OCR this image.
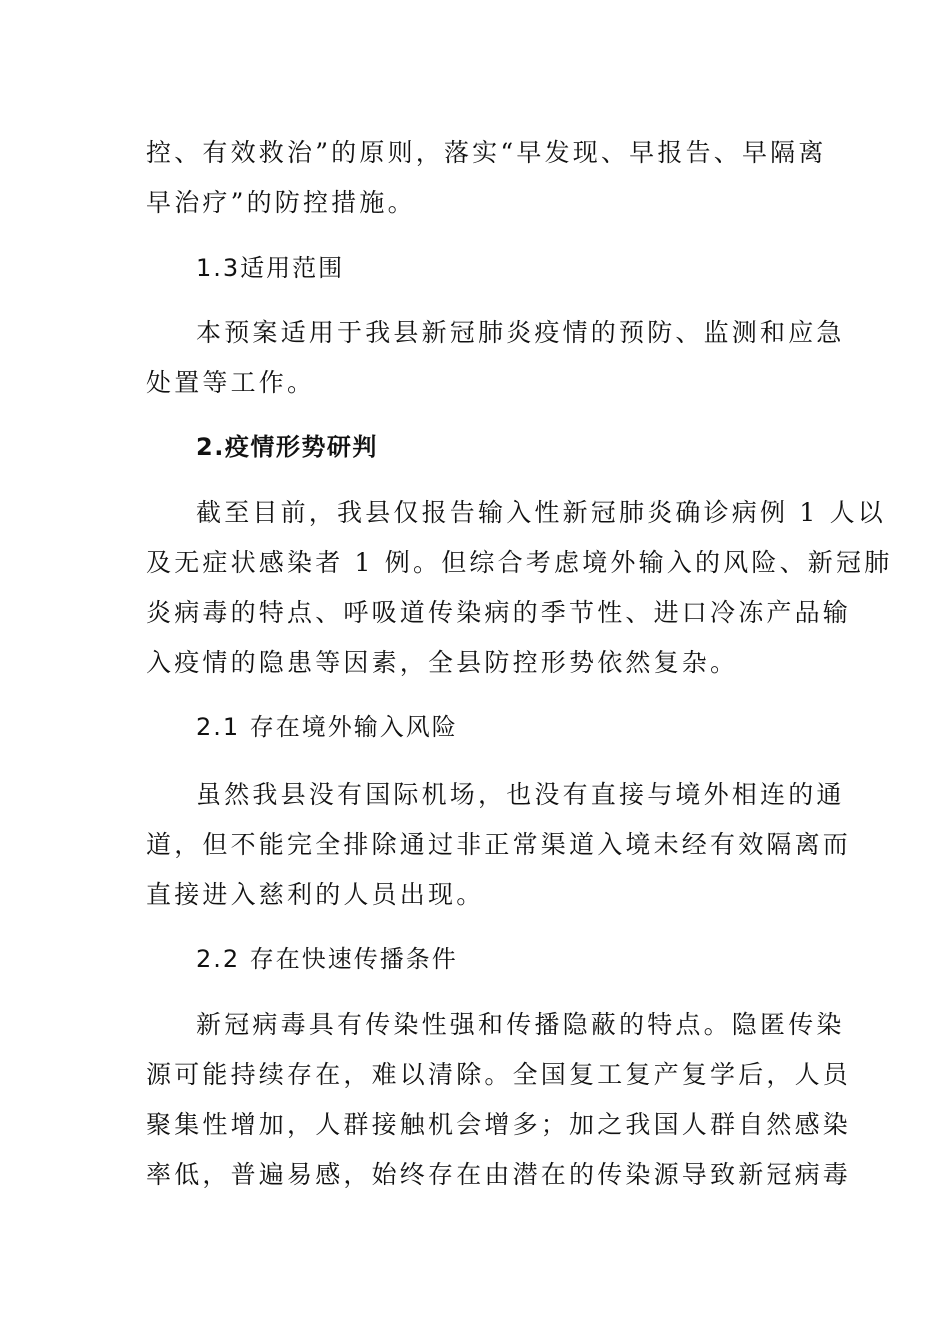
控、有效救治”的原则，落实“早发现、早报告、早隔离
早治疗”的防控措施。
1.3适用范围
本预案适用于我县新冠肺炎疫情的预防、监测和应急
处置等工作。
2.疫情形势研判
截至目前，我县仅报告输入性新冠肺炎确诊病例 1 人以
及无症状感染者 1 例。但综合考虑境外输入的风险、新冠肺
炎病毒的特点、呼吸道传染病的季节性、进口冷冻产品输
入疫情的隐患等因素，全县防控形势依然复杂。
2.1 存在境外输入风险
虽然我县没有国际机场，也没有直接与境外相连的通
道，但不能完全排除通过非正常渠道入境未经有效隔离而
直接进入慈利的人员出现。
2.2 存在快速传播条件
新冠病毒具有传染性强和传播隐蔽的特点。隐匿传染
源可能持续存在，难以清除。全国复工复产复学后，人员
聚集性增加，人群接触机会增多；加之我国人群自然感染
率低，普遍易感，始终存在由潜在的传染源导致新冠病毒
